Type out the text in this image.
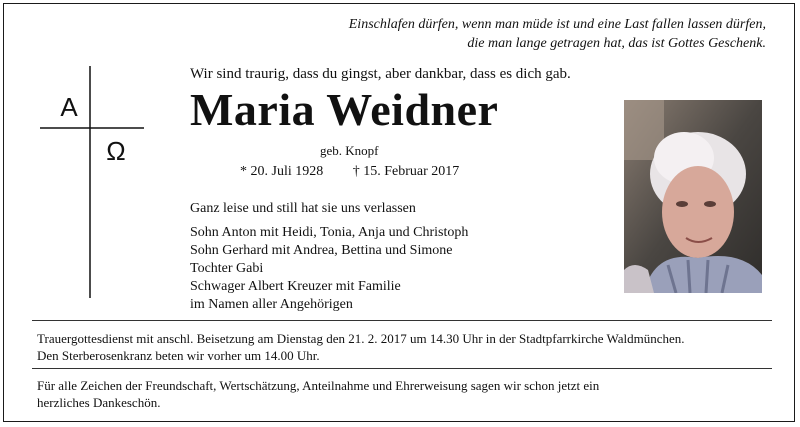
Einschlafen dürfen, wenn man müde ist und eine Last fallen lassen dürfen,
die man lange getragen hat, das ist Gottes Geschenk.
A
Ω
Wir sind traurig, dass du gingst, aber dankbar, dass es dich gab.
Maria Weidner
geb. Knopf
* 20. Juli 1928 † 15. Februar 2017
Ganz leise und still hat sie uns verlassen
Sohn Anton mit Heidi, Tonia, Anja und Christoph
Sohn Gerhard mit Andrea, Bettina und Simone
Tochter Gabi
Schwager Albert Kreuzer mit Familie
im Namen aller Angehörigen
Trauergottesdienst mit anschl. Beisetzung am Dienstag den 21. 2. 2017 um 14.30 Uhr in der Stadtpfarrkirche Waldmünchen.
Den Sterberosenkranz beten wir vorher um 14.00 Uhr.
Für alle Zeichen der Freundschaft, Wertschätzung, Anteilnahme und Ehrerweisung sagen wir schon jetzt ein
herzliches Dankeschön.
